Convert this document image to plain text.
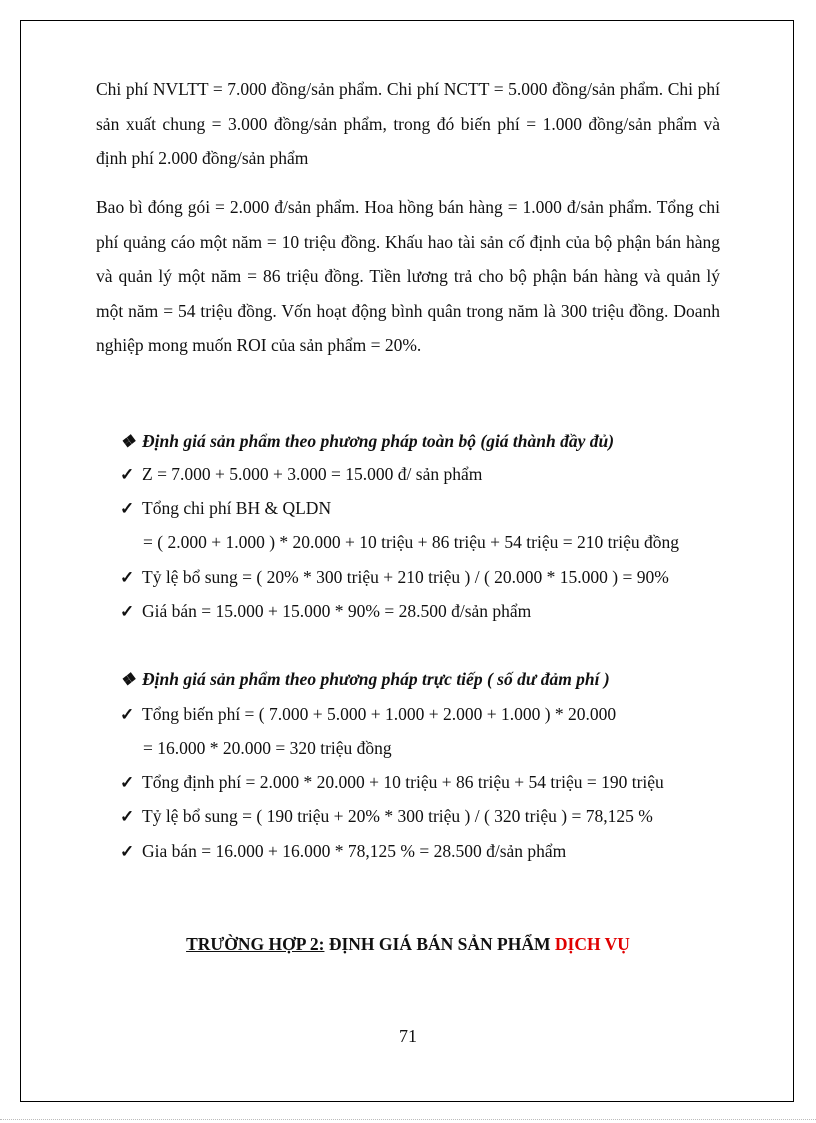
Chi phí NVLTT = 7.000 đồng/sản phẩm. Chi phí NCTT = 5.000 đồng/sản phẩm. Chi phí sản xuất chung = 3.000 đồng/sản phẩm, trong đó biến phí = 1.000 đồng/sản phẩm và định phí 2.000 đồng/sản phẩm

Bao bì đóng gói = 2.000 đ/sản phẩm. Hoa hồng bán hàng = 1.000 đ/sản phẩm. Tổng chi phí quảng cáo một năm = 10 triệu đồng. Khấu hao tài sản cố định của bộ phận bán hàng và quản lý một năm = 86 triệu đồng. Tiền lương trả cho bộ phận bán hàng và quản lý một năm = 54 triệu đồng. Vốn hoạt động bình quân trong năm là 300 triệu đồng. Doanh nghiệp mong muốn ROI của sản phẩm = 20%.

❖ Định giá sản phẩm theo phương pháp toàn bộ (giá thành đầy đủ)
✓ Z = 7.000 + 5.000 + 3.000 = 15.000 đ/ sản phẩm
✓ Tổng chi phí BH & QLDN
= ( 2.000 + 1.000 ) * 20.000 + 10 triệu + 86 triệu + 54 triệu = 210 triệu đồng
✓ Tỷ lệ bổ sung = ( 20% * 300 triệu + 210 triệu ) / ( 20.000 * 15.000 ) = 90%
✓ Giá bán = 15.000 + 15.000 * 90% = 28.500 đ/sản phẩm
❖ Định giá sản phẩm theo phương pháp trực tiếp ( số dư đảm phí )
✓ Tổng biến phí = ( 7.000 + 5.000 + 1.000 + 2.000 + 1.000 ) * 20.000
= 16.000 * 20.000 = 320 triệu đồng
✓ Tổng định phí = 2.000 * 20.000 + 10 triệu + 86 triệu + 54 triệu = 190 triệu
✓ Tỷ lệ bổ sung = ( 190 triệu + 20% * 300 triệu ) / ( 320 triệu ) = 78,125 %
✓ Gia bán = 16.000 + 16.000 * 78,125 % = 28.500 đ/sản phẩm
TRƯỜNG HỢP 2: ĐỊNH GIÁ BÁN SẢN PHẨM DỊCH VỤ
71
